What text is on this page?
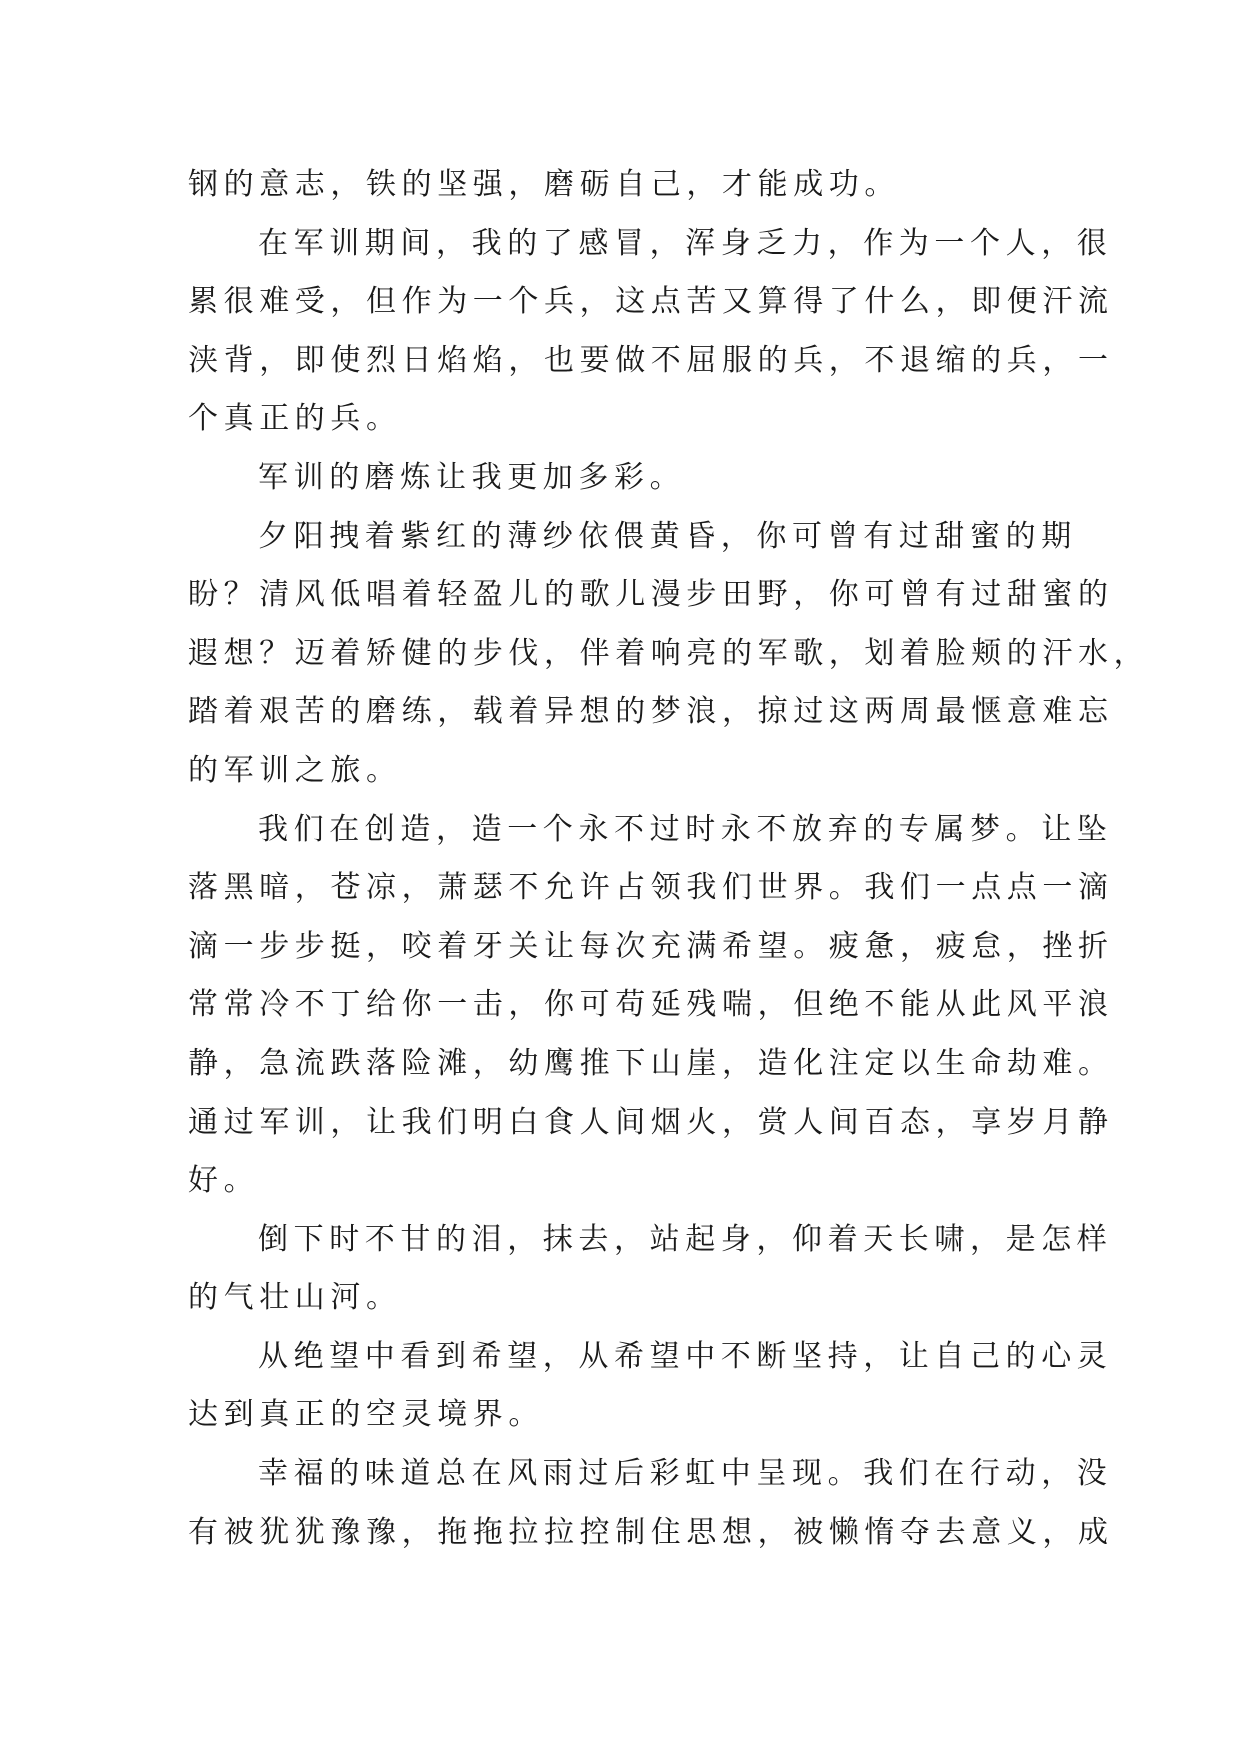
钢的意志，铁的坚强，磨砺自己，才能成功。
在军训期间，我的了感冒，浑身乏力，作为一个人，很
累很难受，但作为一个兵，这点苦又算得了什么，即便汗流
浃背，即使烈日焰焰，也要做不屈服的兵，不退缩的兵，一
个真正的兵。
军训的磨炼让我更加多彩。
夕阳拽着紫红的薄纱依偎黄昏，你可曾有过甜蜜的期
盼？清风低唱着轻盈儿的歌儿漫步田野，你可曾有过甜蜜的
遐想？迈着矫健的步伐，伴着响亮的军歌，划着脸颊的汗水，
踏着艰苦的磨练，载着异想的梦浪，掠过这两周最惬意难忘
的军训之旅。
我们在创造，造一个永不过时永不放弃的专属梦。让坠
落黑暗，苍凉，萧瑟不允许占领我们世界。我们一点点一滴
滴一步步挺，咬着牙关让每次充满希望。疲惫，疲怠，挫折
常常冷不丁给你一击，你可苟延残喘，但绝不能从此风平浪
静，急流跌落险滩，幼鹰推下山崖，造化注定以生命劫难。
通过军训，让我们明白食人间烟火，赏人间百态，享岁月静
好。
倒下时不甘的泪，抹去，站起身，仰着天长啸，是怎样
的气壮山河。
从绝望中看到希望，从希望中不断坚持，让自己的心灵
达到真正的空灵境界。
幸福的味道总在风雨过后彩虹中呈现。我们在行动，没
有被犹犹豫豫，拖拖拉拉控制住思想，被懒惰夺去意义，成
